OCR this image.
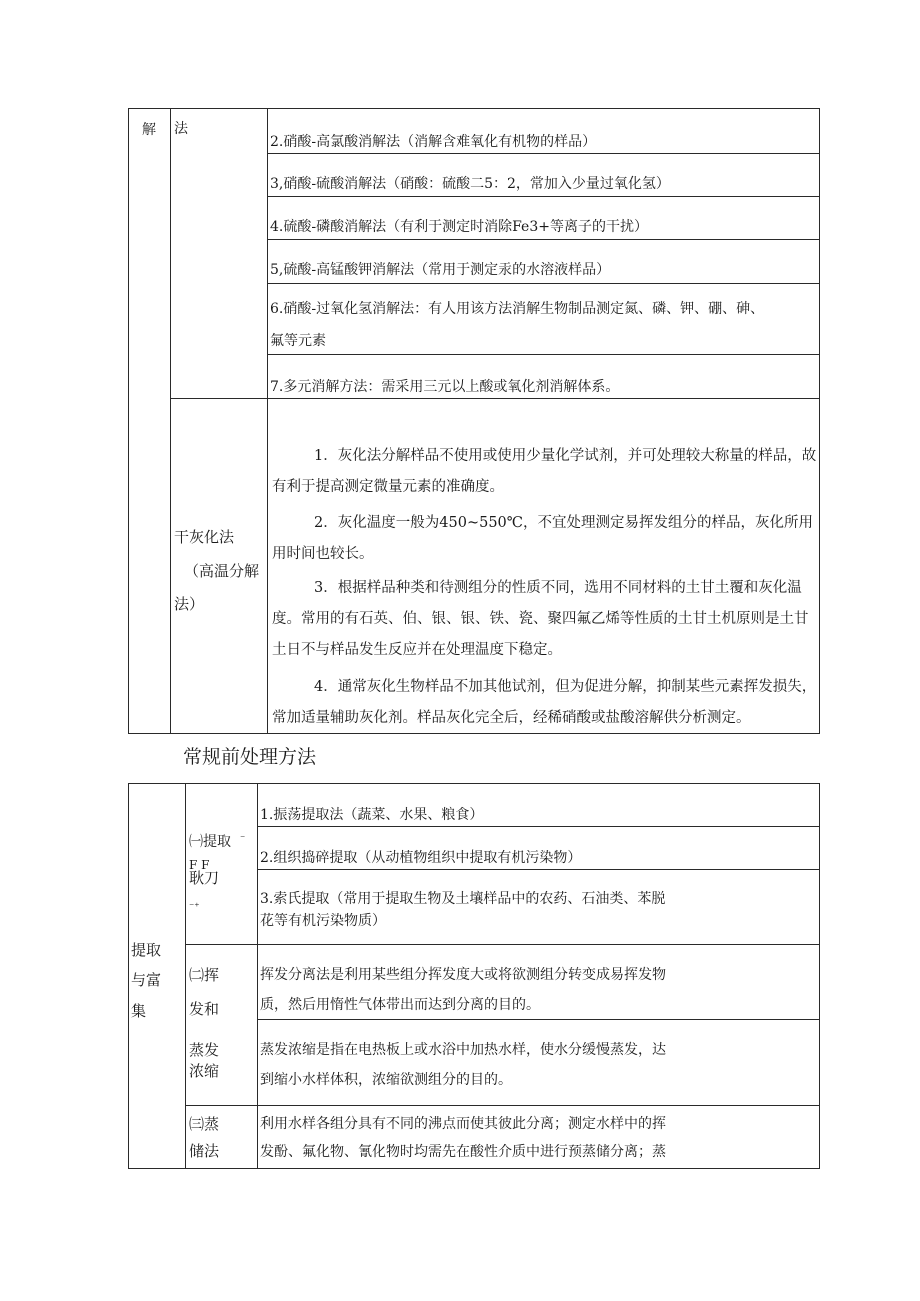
解 法
2.硝酸-高氯酸消解法（消解含难氧化有机物的样品）
3,硝酸-硫酸消解法（硝酸：硫酸二5：2，常加入少量过氧化氢）
4.硫酸-磷酸消解法（有利于测定时消除Fe3+等离子的干扰）
5,硫酸-高锰酸钾消解法（常用于测定汞的水溶液样品）
6.硝酸-过氧化氢消解法：有人用该方法消解生物制品测定氮、磷、钾、硼、砷、
氟等元素
7.多元消解方法：需采用三元以上酸或氧化剂消解体系。
干灰化法
（高温分解
法）
1．灰化法分解样品不使用或使用少量化学试剂，并可处理较大称量的样品，故有利于提高测定微量元素的准确度。
2．灰化温度一般为450~550℃，不宜处理测定易挥发组分的样品，灰化所用用时间也较长。
3．根据样品种类和待测组分的性质不同，选用不同材料的土甘土覆和灰化温度。常用的有石英、伯、银、银、铁、瓷、聚四氟乙烯等性质的土甘土机原则是土甘土日不与样品发生反应并在处理温度下稳定。
4．通常灰化生物样品不加其他试剂，但为促进分解，抑制某些元素挥发损失，常加适量辅助灰化剂。样品灰化完全后，经稀硝酸或盐酸溶解供分析测定。
常规前处理方法
提取
与富
集
㈠提取 ⁻
F F
耿刀
⁻⁺
1.振荡提取法（蔬菜、水果、粮食）
2.组织捣碎提取（从动植物组织中提取有机污染物）
3.索氏提取（常用于提取生物及土壤样品中的农药、石油类、苯脱
花等有机污染物质）
㈡挥
发和
蒸发
浓缩
挥发分离法是利用某些组分挥发度大或将欲测组分转变成易挥发物
质，然后用惰性气体带出而达到分离的目的。
蒸发浓缩是指在电热板上或水浴中加热水样，使水分缓慢蒸发，达
到缩小水样体积，浓缩欲测组分的目的。
㈢蒸
储法
利用水样各组分具有不同的沸点而使其彼此分离；测定水样中的挥
发酚、氟化物、氰化物时均需先在酸性介质中进行预蒸储分离；蒸
